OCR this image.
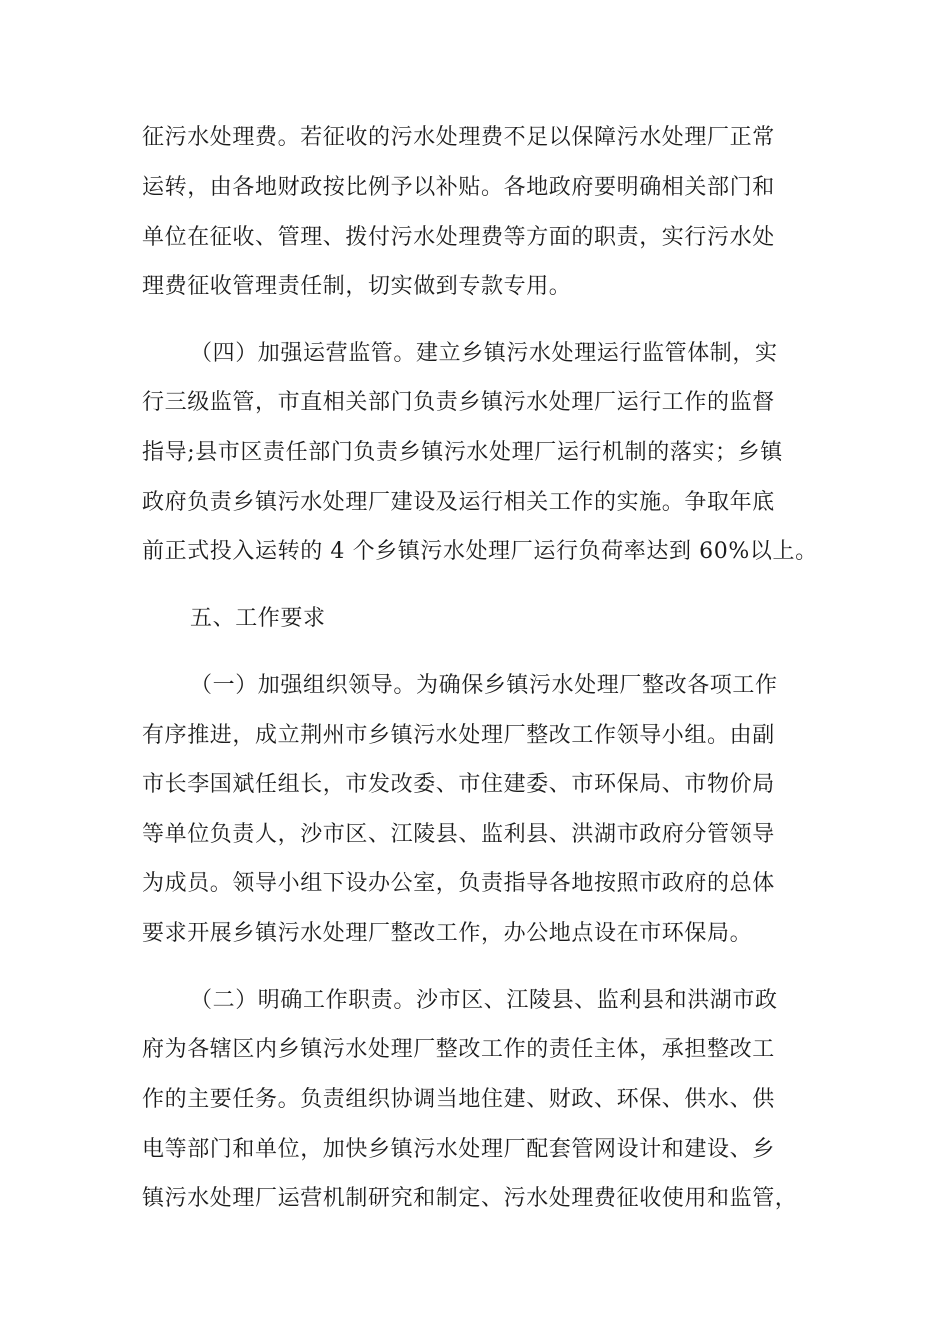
征污水处理费。若征收的污水处理费不足以保障污水处理厂正常

运转，由各地财政按比例予以补贴。各地政府要明确相关部门和

单位在征收、管理、拨付污水处理费等方面的职责，实行污水处

理费征收管理责任制，切实做到专款专用。

（四）加强运营监管。建立乡镇污水处理运行监管体制，实

行三级监管，市直相关部门负责乡镇污水处理厂运行工作的监督

指导;县市区责任部门负责乡镇污水处理厂运行机制的落实；乡镇

政府负责乡镇污水处理厂建设及运行相关工作的实施。争取年底

前正式投入运转的 4 个乡镇污水处理厂运行负荷率达到 60%以上。

五、工作要求

（一）加强组织领导。为确保乡镇污水处理厂整改各项工作

有序推进，成立荆州市乡镇污水处理厂整改工作领导小组。由副

市长李国斌任组长，市发改委、市住建委、市环保局、市物价局

等单位负责人，沙市区、江陵县、监利县、洪湖市政府分管领导

为成员。领导小组下设办公室，负责指导各地按照市政府的总体

要求开展乡镇污水处理厂整改工作，办公地点设在市环保局。

（二）明确工作职责。沙市区、江陵县、监利县和洪湖市政

府为各辖区内乡镇污水处理厂整改工作的责任主体，承担整改工

作的主要任务。负责组织协调当地住建、财政、环保、供水、供

电等部门和单位，加快乡镇污水处理厂配套管网设计和建设、乡

镇污水处理厂运营机制研究和制定、污水处理费征收使用和监管，
